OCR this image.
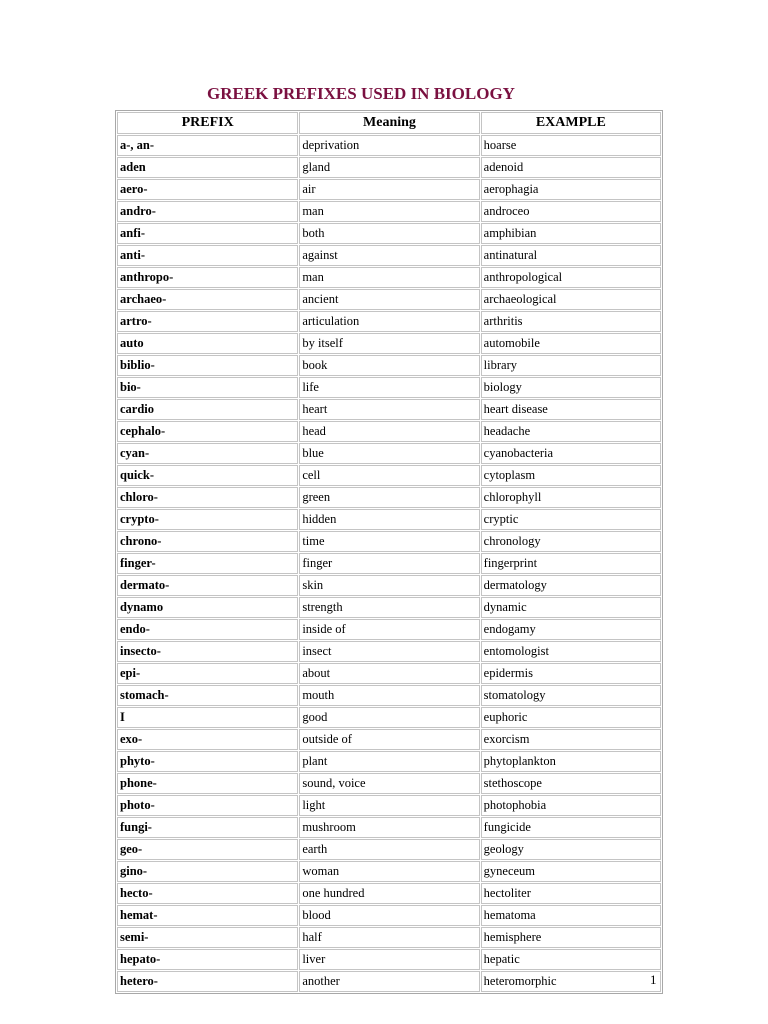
GREEK PREFIXES USED IN BIOLOGY
PREFIX	Meaning	EXAMPLE
a-, an-	deprivation	hoarse
aden	gland	adenoid
aero-	air	aerophagia
andro-	man	androceo
anfi-	both	amphibian
anti-	against	antinatural
anthropo-	man	anthropological
archaeo-	ancient	archaeological
artro-	articulation	arthritis
auto	by itself	automobile
biblio-	book	library
bio-	life	biology
cardio	heart	heart disease
cephalo-	head	headache
cyan-	blue	cyanobacteria
quick-	cell	cytoplasm
chloro-	green	chlorophyll
crypto-	hidden	cryptic
chrono-	time	chronology
finger-	finger	fingerprint
dermato-	skin	dermatology
dynamo	strength	dynamic
endo-	inside of	endogamy
insecto-	insect	entomologist
epi-	about	epidermis
stomach-	mouth	stomatology
I	good	euphoric
exo-	outside of	exorcism
phyto-	plant	phytoplankton
phone-	sound, voice	stethoscope
photo-	light	photophobia
fungi-	mushroom	fungicide
geo-	earth	geology
gino-	woman	gyneceum
hecto-	one hundred	hectoliter
hemat-	blood	hematoma
semi-	half	hemisphere
hepato-	liver	hepatic
hetero-	another	heteromorphic	1
